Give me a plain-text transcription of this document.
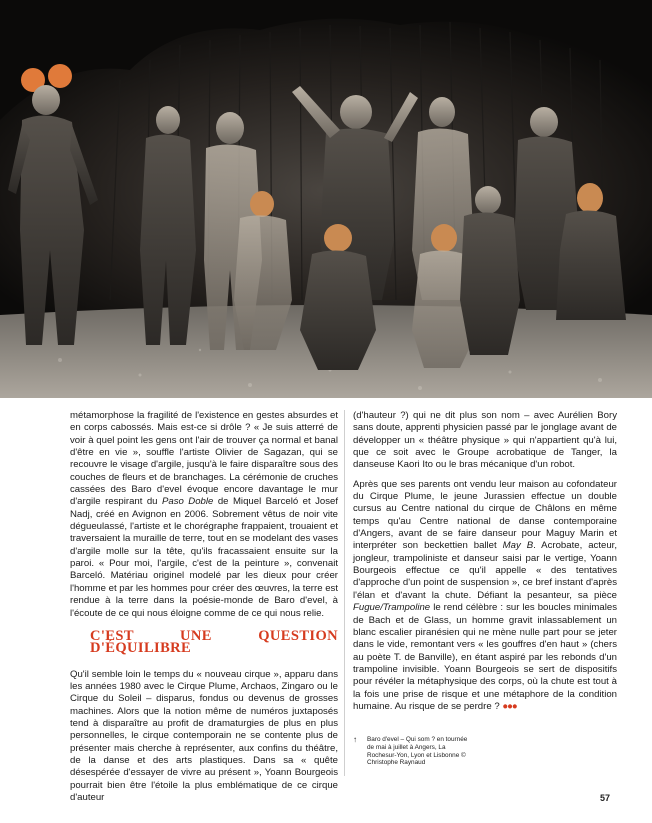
métamorphose la fragilité de l'existence en gestes absurdes et en corps cabossés. Mais est-ce si drôle ? « Je suis atterré de voir à quel point les gens ont l'air de trouver ça normal et banal d'être en vie », souffle l'artiste Olivier de Sagazan, qui se recouvre le visage d'argile, jusqu'à le faire disparaître sous des couches de fleurs et de branchages. La cérémonie de cruches cassées des Baro d'evel évoque encore davantage le mur d'argile respirant du Paso Doble de Miquel Barceló et Josef Nadj, créé en Avignon en 2006. Sobrement vêtus de noir vite dégueulassé, l'artiste et le chorégraphe frappaient, trouaient et traversaient la muraille de terre, tout en se modelant des vases d'argile molle sur la tête, qu'ils fracassaient ensuite sur la paroi. « Pour moi, l'argile, c'est de la peinture », convenait Barceló. Matériau originel modelé par les dieux pour créer l'homme et par les hommes pour créer des œuvres, la terre est rendue à la terre dans la poésie-monde de Baro d'evel, à l'écoute de ce qui nous éloigne comme de ce qui nous relie.

C'EST UNE QUESTION D'ÉQUILIBRE

Qu'il semble loin le temps du « nouveau cirque », apparu dans les années 1980 avec le Cirque Plume, Archaos, Zingaro ou le Cirque du Soleil – disparus, fondus ou devenus de grosses machines. Alors que la notion même de numéros juxtaposés tend à disparaître au profit de dramaturgies de plus en plus personnelles, le cirque contemporain ne se contente plus de présenter mais cherche à représenter, aux confins du théâtre, de la danse et des arts plastiques. Dans sa « quête désespérée d'essayer de vivre au présent », Yoann Bourgeois pourrait bien être l'étoile la plus emblématique de ce cirque d'auteur

(d'hauteur ?) qui ne dit plus son nom – avec Aurélien Bory sans doute, apprenti physicien passé par le jonglage avant de développer un « théâtre physique » qui n'appartient qu'à lui, que ce soit avec le Groupe acrobatique de Tanger, la danseuse Kaori Ito ou le bras mécanique d'un robot.

Après que ses parents ont vendu leur maison au cofondateur du Cirque Plume, le jeune Jurassien effectue un double cursus au Centre national du cirque de Châlons en même temps qu'au Centre national de danse contemporaine d'Angers, avant de se faire danseur pour Maguy Marin et interpréter son beckettien ballet May B. Acrobate, acteur, jongleur, trampoliniste et danseur saisi par le vertige, Yoann Bourgeois effectue ce qu'il appelle « des tentatives d'approche d'un point de suspension », ce bref instant d'après l'élan et d'avant la chute. Défiant la pesanteur, sa pièce Fugue/Trampoline le rend célèbre : sur les boucles minimales de Bach et de Glass, un homme gravit inlassablement un blanc escalier piranésien qui ne mène nulle part pour se jeter dans le vide, remontant vers « les gouffres d'en haut » (chers au poète T. de Banville), en étant aspiré par les rebonds d'un trampoline invisible. Yoann Bourgeois se sert de dispositifs pour révéler la métaphysique des corps, où la chute est tout à la fois une prise de risque et une métaphore de la condition humaine. Au risque de se perdre ? ●●●

↑ Baro d'evel – Qui som ? en tournée de mai à juillet à Angers, La Rochesur-Yon, Lyon et Lisbonne © Christophe Raynaud
57
